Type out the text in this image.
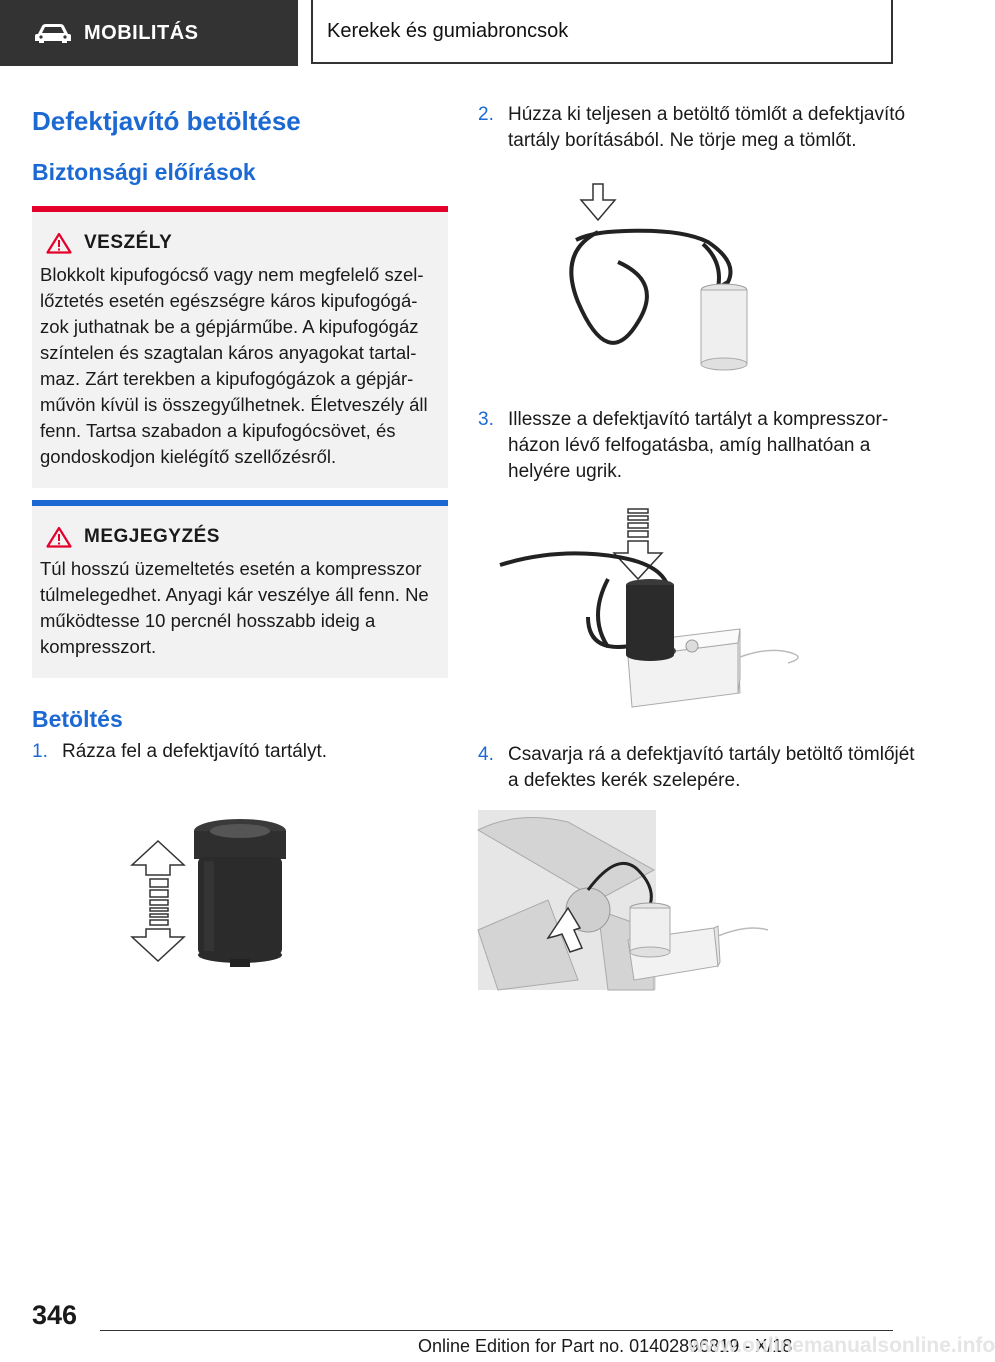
MOBILITÁS	Kerekek és gumiabroncsok
Defektjavító betöltése
Biztonsági előírások
VESZÉLY
Blokkolt kipufogócső vagy nem megfelelő szellőztetés esetén egészségre káros kipufogógázok juthatnak be a gépjárműbe. A kipufogógáz színtelen és szagtalan káros anyagokat tartalmaz. Zárt terekben a kipufogógázok a gépjárművön kívül is összegyűlhetnek. Életveszély áll fenn. Tartsa szabadon a kipufogócsövet, és gondoskodjon kielégítő szellőzésről.
MEGJEGYZÉS
Túl hosszú üzemeltetés esetén a kompresszor túlmelegedhet. Anyagi kár veszélye áll fenn. Ne működtesse 10 percnél hosszabb ideig a kompresszort.
Betöltés
1. Rázza fel a defektjavító tartályt.
2. Húzza ki teljesen a betöltő tömlőt a defektjavító tartály borításából. Ne törje meg a tömlőt.
3. Illessze a defektjavító tartályt a kompresszorházon lévő felfogatásba, amíg hallhatóan a helyére ugrik.
4. Csavarja rá a defektjavító tartály betöltő tömlőjét a defektes kerék szelepére.
346
Online Edition for Part no. 01402896819 - X/18
www.onlinemanualsonline.info
